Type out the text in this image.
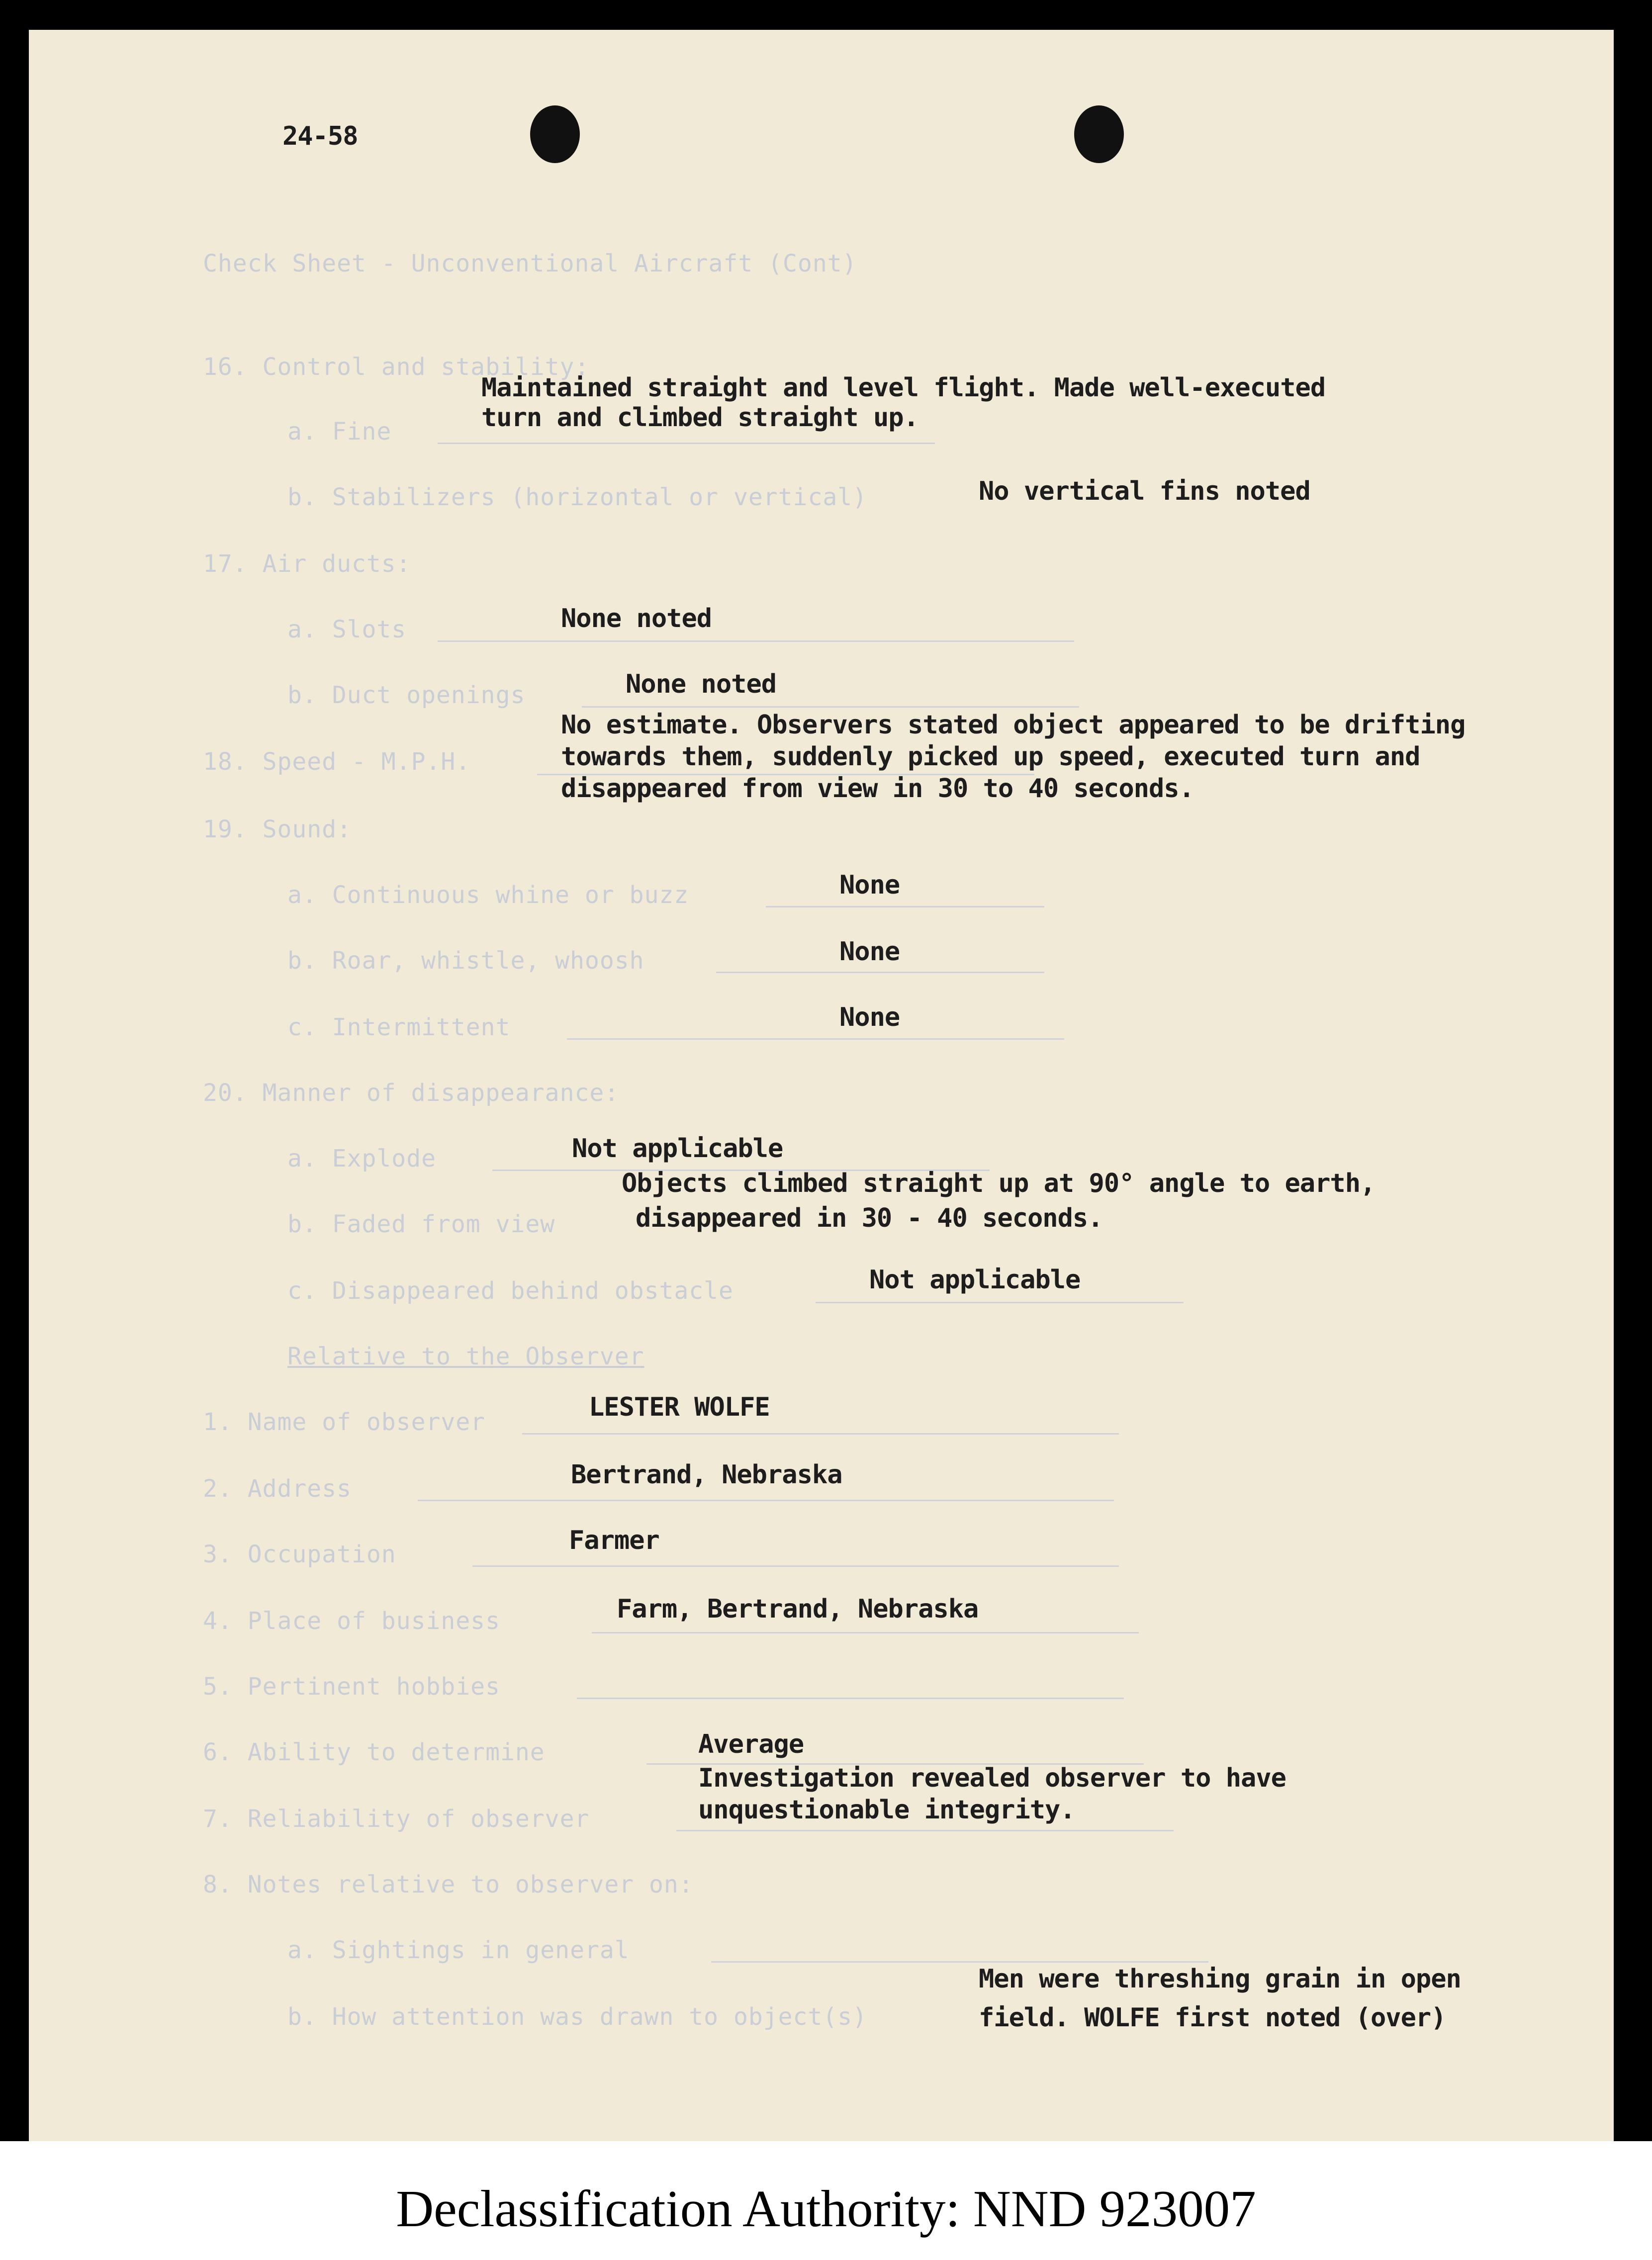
24-58
Check Sheet - Unconventional Aircraft (Cont)
16. Control and stability:
a. Fine
b. Stabilizers (horizontal or vertical)
17. Air ducts:
a. Slots
b. Duct openings
18. Speed - M.P.H.
19. Sound:
a. Continuous whine or buzz
b. Roar, whistle, whoosh
c. Intermittent
20. Manner of disappearance:
a. Explode
b. Faded from view
c. Disappeared behind obstacle
Relative to the Observer
1. Name of observer
2. Address
3. Occupation
4. Place of business
5. Pertinent hobbies
6. Ability to determine
7. Reliability of observer
8. Notes relative to observer on:
a. Sightings in general
b. How attention was drawn to object(s)
Maintained straight and level flight. Made well-executed
turn and climbed straight up.
No vertical fins noted
None noted
None noted
No estimate. Observers stated object appeared to be drifting
towards them, suddenly picked up speed, executed turn and
disappeared from view in 30 to 40 seconds.
None
None
None
Not applicable
Objects climbed straight up at 90° angle to earth,
disappeared in 30 - 40 seconds.
Not applicable
LESTER WOLFE
Bertrand, Nebraska
Farmer
Farm, Bertrand, Nebraska
Average
Investigation revealed observer to have
unquestionable integrity.
Men were threshing grain in open
field. WOLFE first noted (over)
Declassification Authority: NND 923007
